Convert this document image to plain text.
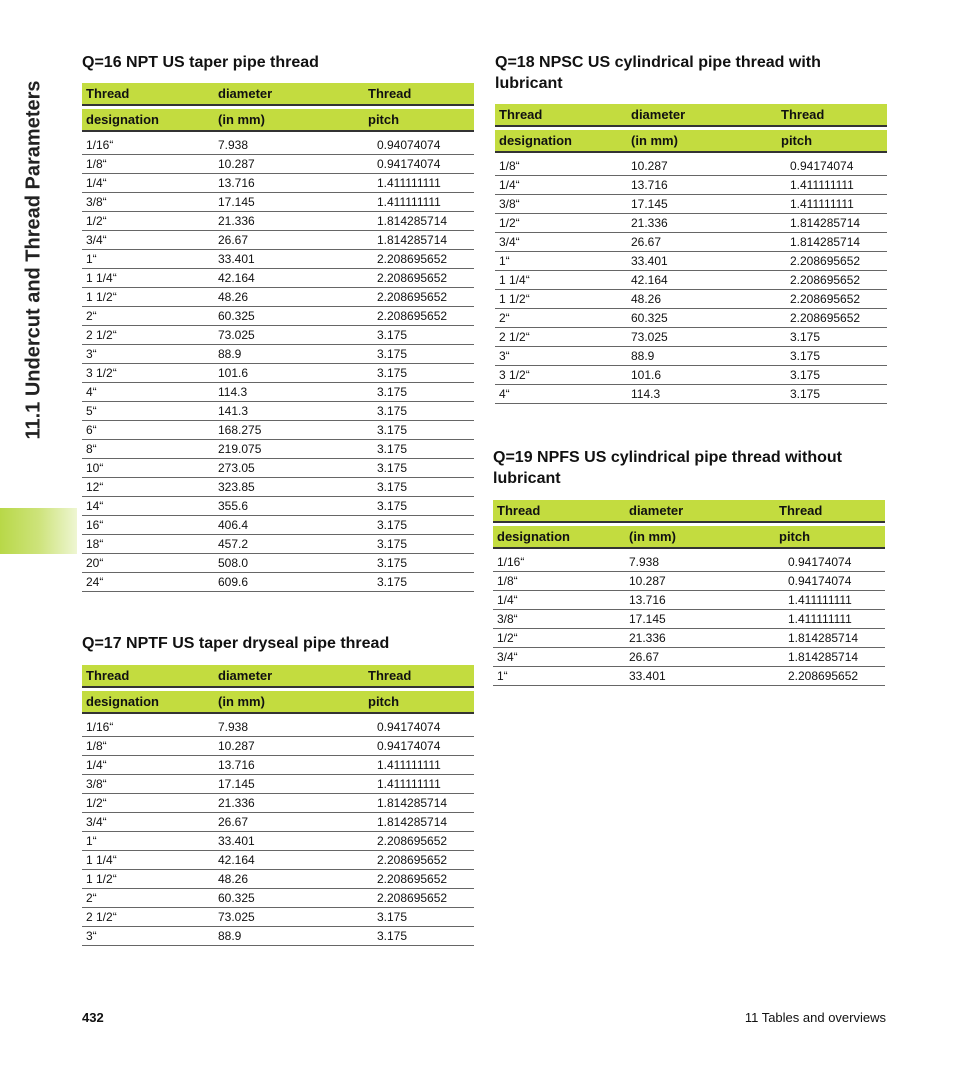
11.1 Undercut and Thread Parameters
Q=16 NPT US taper pipe thread
Thread	diameter	Thread
designation	(in mm)	pitch
1/16“	7.938	0.94074074
1/8“	10.287	0.94174074
1/4“	13.716	1.411111111
3/8“	17.145	1.411111111
1/2“	21.336	1.814285714
3/4“	26.67	1.814285714
1“	33.401	2.208695652
1 1/4“	42.164	2.208695652
1 1/2“	48.26	2.208695652
2“	60.325	2.208695652
2 1/2“	73.025	3.175
3“	88.9	3.175
3 1/2“	101.6	3.175
4“	114.3	3.175
5“	141.3	3.175
6“	168.275	3.175
8“	219.075	3.175
10“	273.05	3.175
12“	323.85	3.175
14“	355.6	3.175
16“	406.4	3.175
18“	457.2	3.175
20“	508.0	3.175
24“	609.6	3.175
Q=17 NPTF US taper dryseal pipe thread
Thread	diameter	Thread
designation	(in mm)	pitch
1/16“	7.938	0.94174074
1/8“	10.287	0.94174074
1/4“	13.716	1.411111111
3/8“	17.145	1.411111111
1/2“	21.336	1.814285714
3/4“	26.67	1.814285714
1“	33.401	2.208695652
1 1/4“	42.164	2.208695652
1 1/2“	48.26	2.208695652
2“	60.325	2.208695652
2 1/2“	73.025	3.175
3“	88.9	3.175
Q=18 NPSC US cylindrical pipe thread with lubricant
Thread	diameter	Thread
designation	(in mm)	pitch
1/8“	10.287	0.94174074
1/4“	13.716	1.411111111
3/8“	17.145	1.411111111
1/2“	21.336	1.814285714
3/4“	26.67	1.814285714
1“	33.401	2.208695652
1 1/4“	42.164	2.208695652
1 1/2“	48.26	2.208695652
2“	60.325	2.208695652
2 1/2“	73.025	3.175
3“	88.9	3.175
3 1/2“	101.6	3.175
4“	114.3	3.175
Q=19 NPFS US cylindrical pipe thread without lubricant
Thread	diameter	Thread
designation	(in mm)	pitch
1/16“	7.938	0.94174074
1/8“	10.287	0.94174074
1/4“	13.716	1.411111111
3/8“	17.145	1.411111111
1/2“	21.336	1.814285714
3/4“	26.67	1.814285714
1“	33.401	2.208695652
432	11 Tables and overviews
